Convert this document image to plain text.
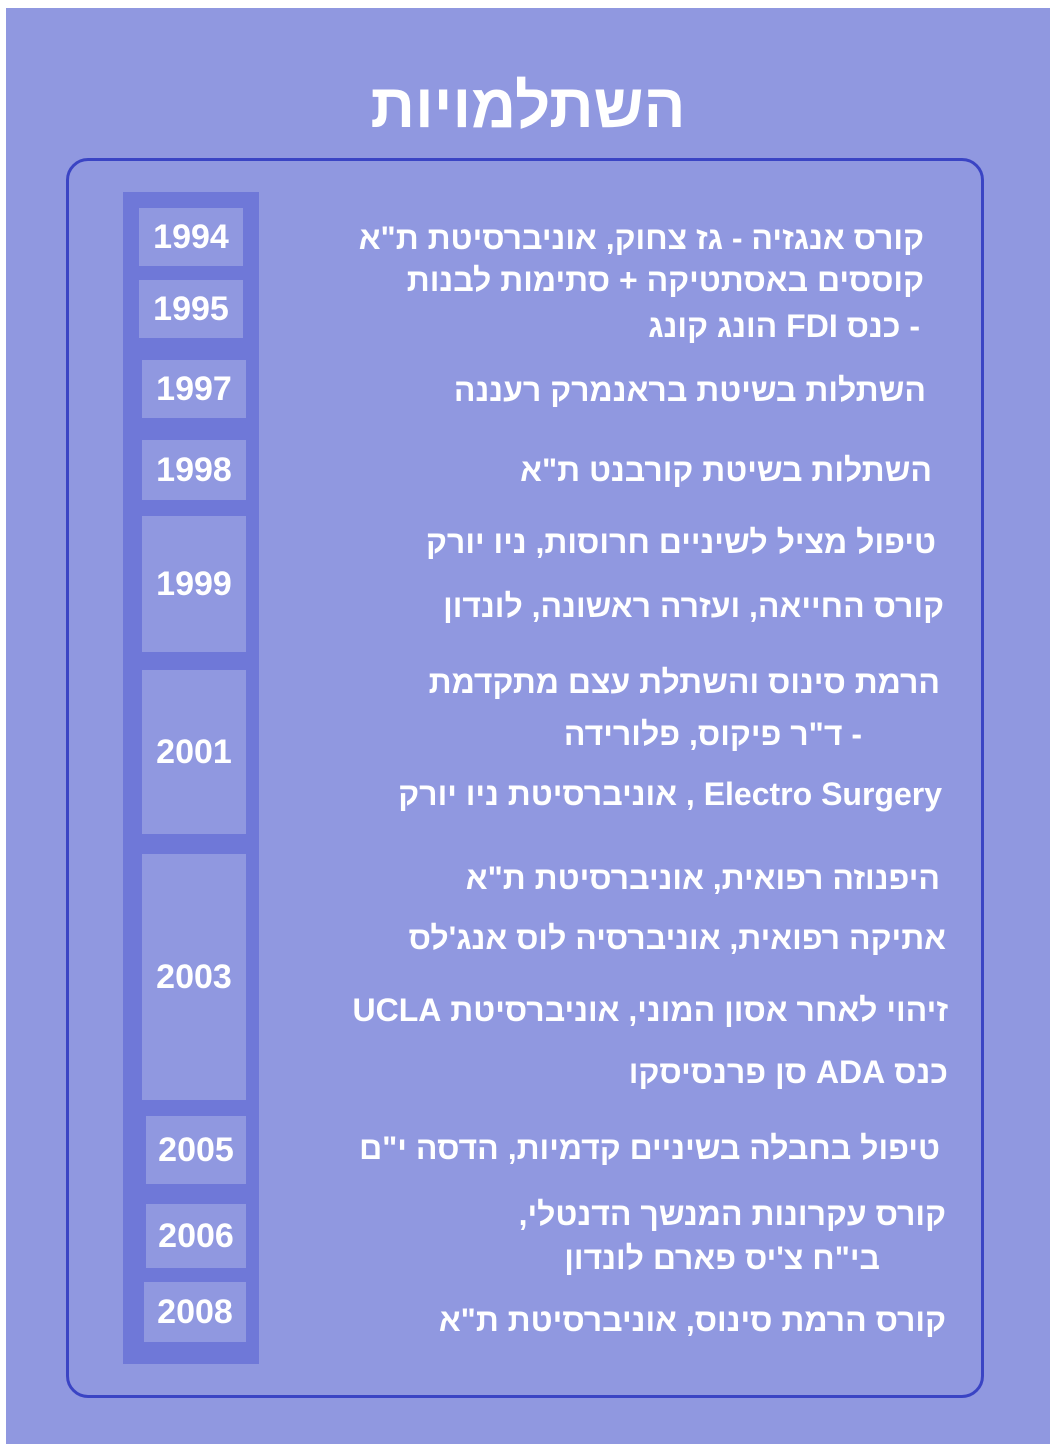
השתלמויות
1994
1995
1997
1998
1999
2001
2003
2005
2006
2008
קורס אנגזיה - גז צחוק, אוניברסיטת ת"א
קוססים באסתטיקה + סתימות לבנות
- כנס FDI הונג קונג
השתלות בשיטת בראנמרק רעננה
השתלות בשיטת קורבנט ת"א
טיפול מציל לשיניים חרוסות, ניו יורק
קורס החייאה, ועזרה ראשונה, לונדון
הרמת סינוס והשתלת עצם מתקדמת
- ד"ר פיקוס, פלורידה
Electro Surgery , אוניברסיטת ניו יורק
היפנוזה רפואית, אוניברסיטת ת"א
אתיקה רפואית, אוניברסיה לוס אנג'לס
זיהוי לאחר אסון המוני, אוניברסיטת UCLA
כנס ADA סן פרנסיסקו
טיפול בחבלה בשיניים קדמיות, הדסה י"ם
קורס עקרונות המנשך הדנטלי,
בי"ח צ'יס פארם לונדון
קורס הרמת סינוס, אוניברסיטת ת"א
